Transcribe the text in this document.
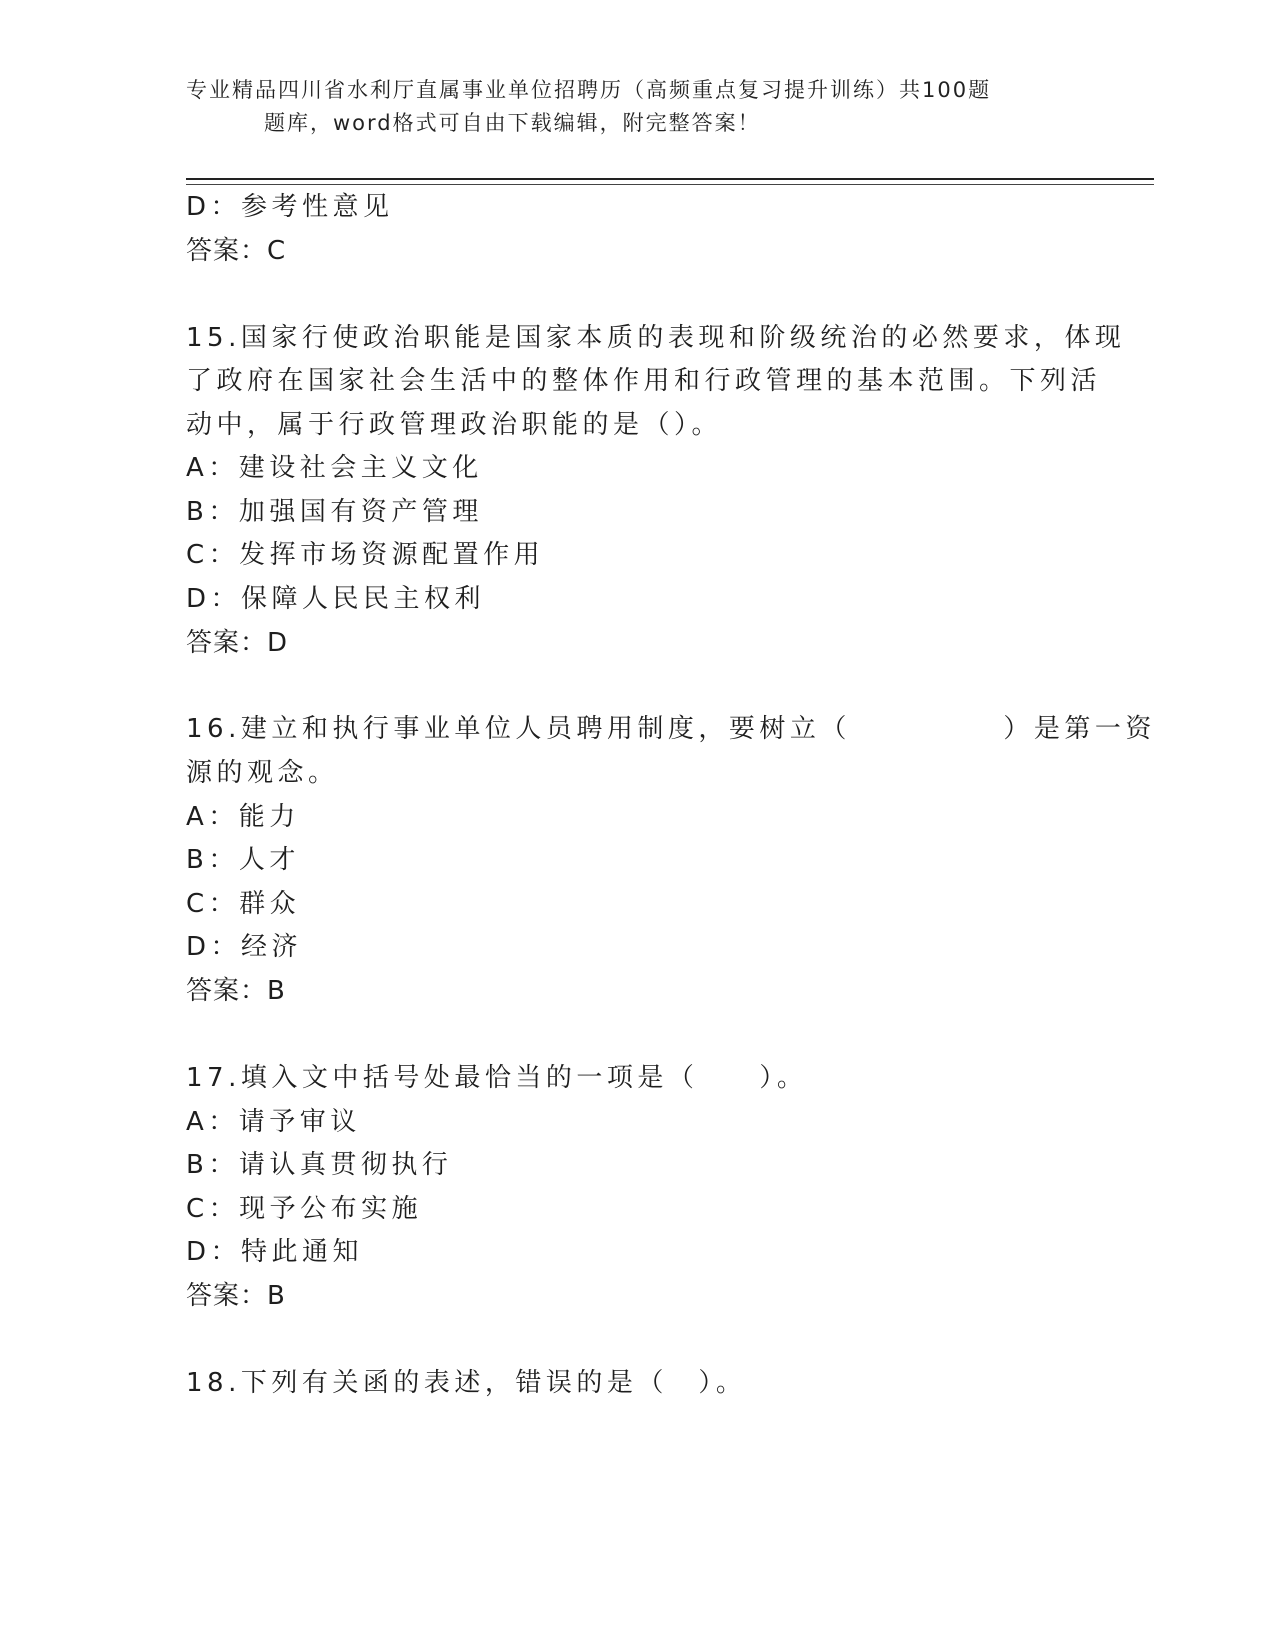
专业精品四川省水利厅直属事业单位招聘历（高频重点复习提升训练）共100题
题库，word格式可自由下载编辑，附完整答案！
D：参考性意见
答案：C
15.国家行使政治职能是国家本质的表现和阶级统治的必然要求，体现
了政府在国家社会生活中的整体作用和行政管理的基本范围。下列活
动中，属于行政管理政治职能的是（）。
A：建设社会主义文化
B：加强国有资产管理
C：发挥市场资源配置作用
D：保障人民民主权利
答案：D
16.建立和执行事业单位人员聘用制度，要树立（　　　　　）是第一资
源的观念。
A：能力
B：人才
C：群众
D：经济
答案：B
17.填入文中括号处最恰当的一项是（　　）。
A：请予审议
B：请认真贯彻执行
C：现予公布实施
D：特此通知
答案：B
18.下列有关函的表述，错误的是（　）。
